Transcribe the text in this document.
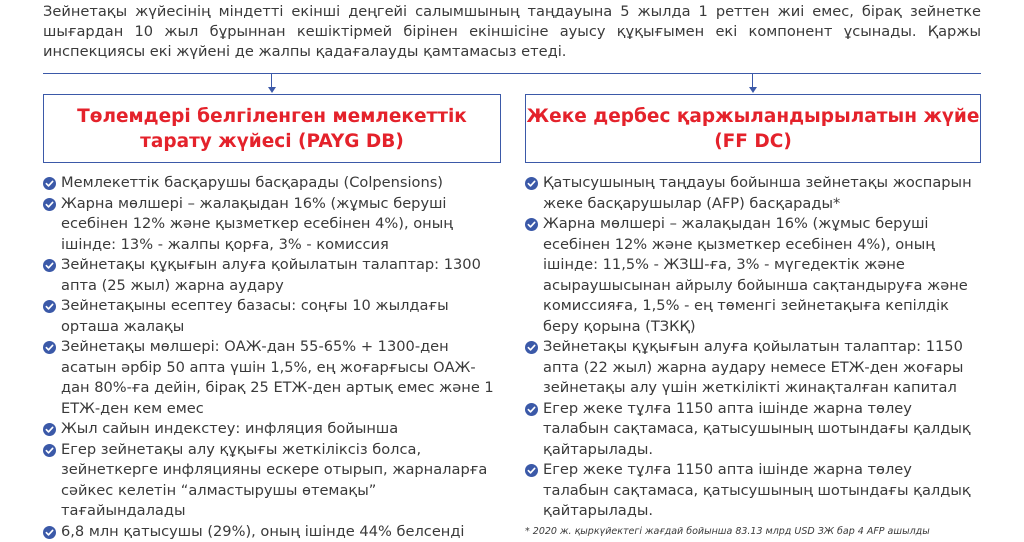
Зейнетақы жүйесінің міндетті екінші деңгейі салымшының таңдауына 5 жылда 1 реттен жиі емес, бірақ зейнетке шығардан 10 жыл бұрыннан кешіктірмей бірінен екіншісіне ауысу құқығымен екі компонент ұсынады. Қаржы инспекциясы екі жүйені де жалпы қадағалауды қамтамасыз етеді.

Төлемдері белгіленген мемлекеттік тарату жүйесі (PAYG DB)
Мемлекеттік басқарушы басқарады (Colpensions)
Жарна мөлшері – жалақыдан 16% (жұмыс беруші есебінен 12% және қызметкер есебінен 4%), оның ішінде: 13% - жалпы қорға, 3% - комиссия
Зейнетақы құқығын алуға қойылатын талаптар: 1300 апта (25 жыл) жарна аудару
Зейнетақыны есептеу базасы: соңғы 10 жылдағы орташа жалақы
Зейнетақы мөлшері: ОАЖ-дан 55-65% + 1300-ден асатын әрбір 50 апта үшін 1,5%, ең жоғарғысы ОАЖ-дан 80%-ға дейін, бірақ 25 ЕТЖ-ден артық емес және 1 ЕТЖ-ден кем емес
Жыл сайын индекстеу: инфляция бойынша
Егер зейнетақы алу құқығы жеткіліксіз болса, зейнеткерге инфляцияны ескере отырып, жарналарға сәйкес келетін “алмастырушы өтемақы” тағайындалады
6,8 млн қатысушы (29%), оның ішінде 44% белсенді
Жеке дербес қаржыландырылатын жүйе (FF DC)
Қатысушының таңдауы бойынша зейнетақы жоспарын жеке басқарушылар (AFP) басқарады*
Жарна мөлшері – жалақыдан 16% (жұмыс беруші есебінен 12% және қызметкер есебінен 4%), оның ішінде: 11,5% - ЖЗШ-ға, 3% - мүгедектік және асыраушысынан айрылу бойынша сақтандыруға және комиссияға, 1,5% - ең төменгі зейнетақыға кепілдік беру қорына (ТЗКҚ)
Зейнетақы құқығын алуға қойылатын талаптар: 1150 апта (22 жыл) жарна аудару немесе ЕТЖ-ден жоғары зейнетақы алу үшін жеткілікті жинақталған капитал
Егер жеке тұлға 1150 апта ішінде жарна төлеу талабын сақтамаса, қатысушының шотындағы қалдық қайтарылады.
Егер жеке тұлға 1150 апта ішінде жарна төлеу талабын сақтамаса, қатысушының шотындағы қалдық қайтарылады.

* 2020 ж. қыркүйектегі жағдай бойынша 83.13 млрд USD ЗЖ бар 4 AFP ашылды
